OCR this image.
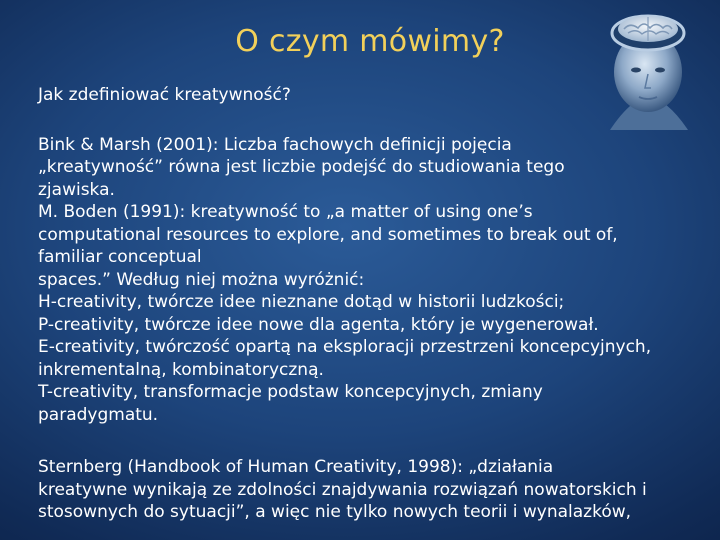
O czym mówimy?

Jak zdefiniować kreatywność?

Bink & Marsh (2001): Liczba fachowych definicji pojęcia

„kreatywność” równa jest liczbie podejść do studiowania tego

zjawiska.

M. Boden (1991): kreatywność to „a matter of using one’s

computational resources to explore, and sometimes to break out of,

familiar conceptual

spaces.” Według niej można wyróżnić:

H-creativity, twórcze idee nieznane dotąd w historii ludzkości;

P-creativity, twórcze idee nowe dla agenta, który je wygenerował.

E-creativity, twórczość opartą na eksploracji przestrzeni koncepcyjnych,

inkrementalną, kombinatoryczną.

T-creativity, transformacje podstaw koncepcyjnych, zmiany

paradygmatu.

Sternberg (Handbook of Human Creativity, 1998): „działania

kreatywne wynikają ze zdolności znajdywania rozwiązań nowatorskich i

stosownych do sytuacji”, a więc nie tylko nowych teorii i wynalazków,
